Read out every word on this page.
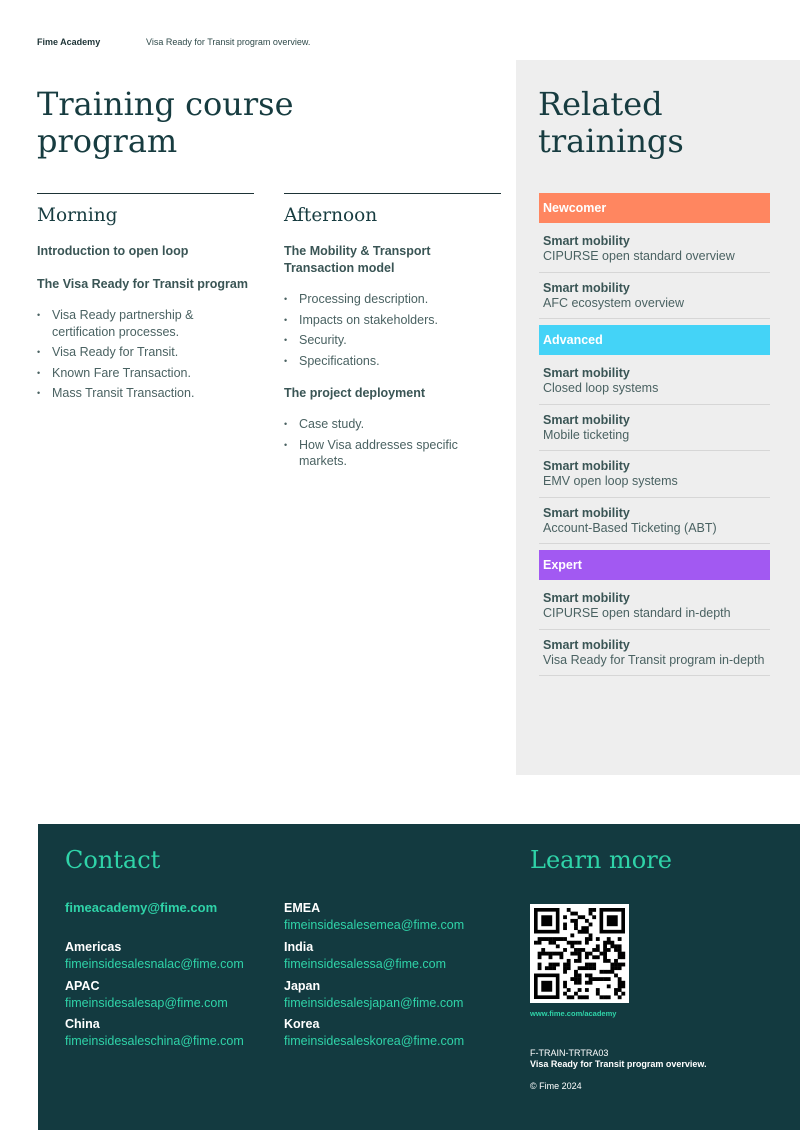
Fime Academy	Visa Ready for Transit program overview.
Training course program
Morning
Introduction to open loop
The Visa Ready for Transit program
• Visa Ready partnership & certification processes.
• Visa Ready for Transit.
• Known Fare Transaction.
• Mass Transit Transaction.
Afternoon
The Mobility & Transport Transaction model
• Processing description.
• Impacts on stakeholders.
• Security.
• Specifications.
The project deployment
• Case study.
• How Visa addresses specific markets.
Related trainings
Newcomer
Smart mobility
CIPURSE open standard overview
Smart mobility
AFC ecosystem overview
Advanced
Smart mobility
Closed loop systems
Smart mobility
Mobile ticketing
Smart mobility
EMV open loop systems
Smart mobility
Account-Based Ticketing (ABT)
Expert
Smart mobility
CIPURSE open standard in-depth
Smart mobility
Visa Ready for Transit program in-depth
Contact
fimeacademy@fime.com
Americas
fimeinsidesalesnalac@fime.com
APAC
fimeinsidesalesap@fime.com
China
fimeinsidesaleschina@fime.com
EMEA
fimeinsidesalesemea@fime.com
India
fimeinsidesalessa@fime.com
Japan
fimeinsidesalesjapan@fime.com
Korea
fimeinsidesaleskorea@fime.com
Learn more
www.fime.com/academy
F-TRAIN-TRTRA03
Visa Ready for Transit program overview.
© Fime 2024
